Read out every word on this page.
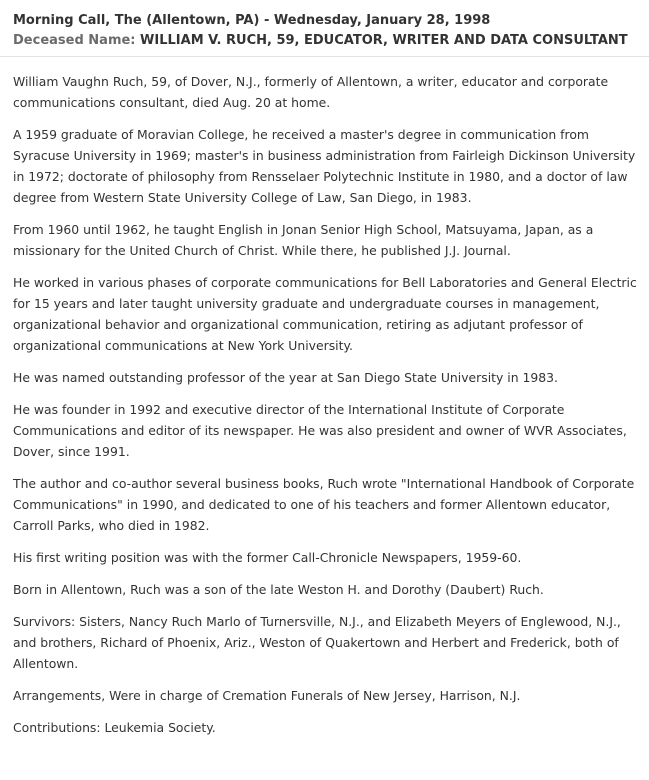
Morning Call, The (Allentown, PA) - Wednesday, January 28, 1998
Deceased Name: WILLIAM V. RUCH, 59, EDUCATOR, WRITER AND DATA CONSULTANT

William Vaughn Ruch, 59, of Dover, N.J., formerly of Allentown, a writer, educator and corporate communications consultant, died Aug. 20 at home.

A 1959 graduate of Moravian College, he received a master's degree in communication from Syracuse University in 1969; master's in business administration from Fairleigh Dickinson University in 1972; doctorate of philosophy from Rensselaer Polytechnic Institute in 1980, and a doctor of law degree from Western State University College of Law, San Diego, in 1983.

From 1960 until 1962, he taught English in Jonan Senior High School, Matsuyama, Japan, as a missionary for the United Church of Christ. While there, he published J.J. Journal.

He worked in various phases of corporate communications for Bell Laboratories and General Electric for 15 years and later taught university graduate and undergraduate courses in management, organizational behavior and organizational communication, retiring as adjutant professor of organizational communications at New York University.

He was named outstanding professor of the year at San Diego State University in 1983.

He was founder in 1992 and executive director of the International Institute of Corporate Communications and editor of its newspaper. He was also president and owner of WVR Associates, Dover, since 1991.

The author and co-author several business books, Ruch wrote "International Handbook of Corporate Communications" in 1990, and dedicated to one of his teachers and former Allentown educator, Carroll Parks, who died in 1982.

His first writing position was with the former Call-Chronicle Newspapers, 1959-60.

Born in Allentown, Ruch was a son of the late Weston H. and Dorothy (Daubert) Ruch.

Survivors: Sisters, Nancy Ruch Marlo of Turnersville, N.J., and Elizabeth Meyers of Englewood, N.J., and brothers, Richard of Phoenix, Ariz., Weston of Quakertown and Herbert and Frederick, both of Allentown.

Arrangements, Were in charge of Cremation Funerals of New Jersey, Harrison, N.J.

Contributions: Leukemia Society.
